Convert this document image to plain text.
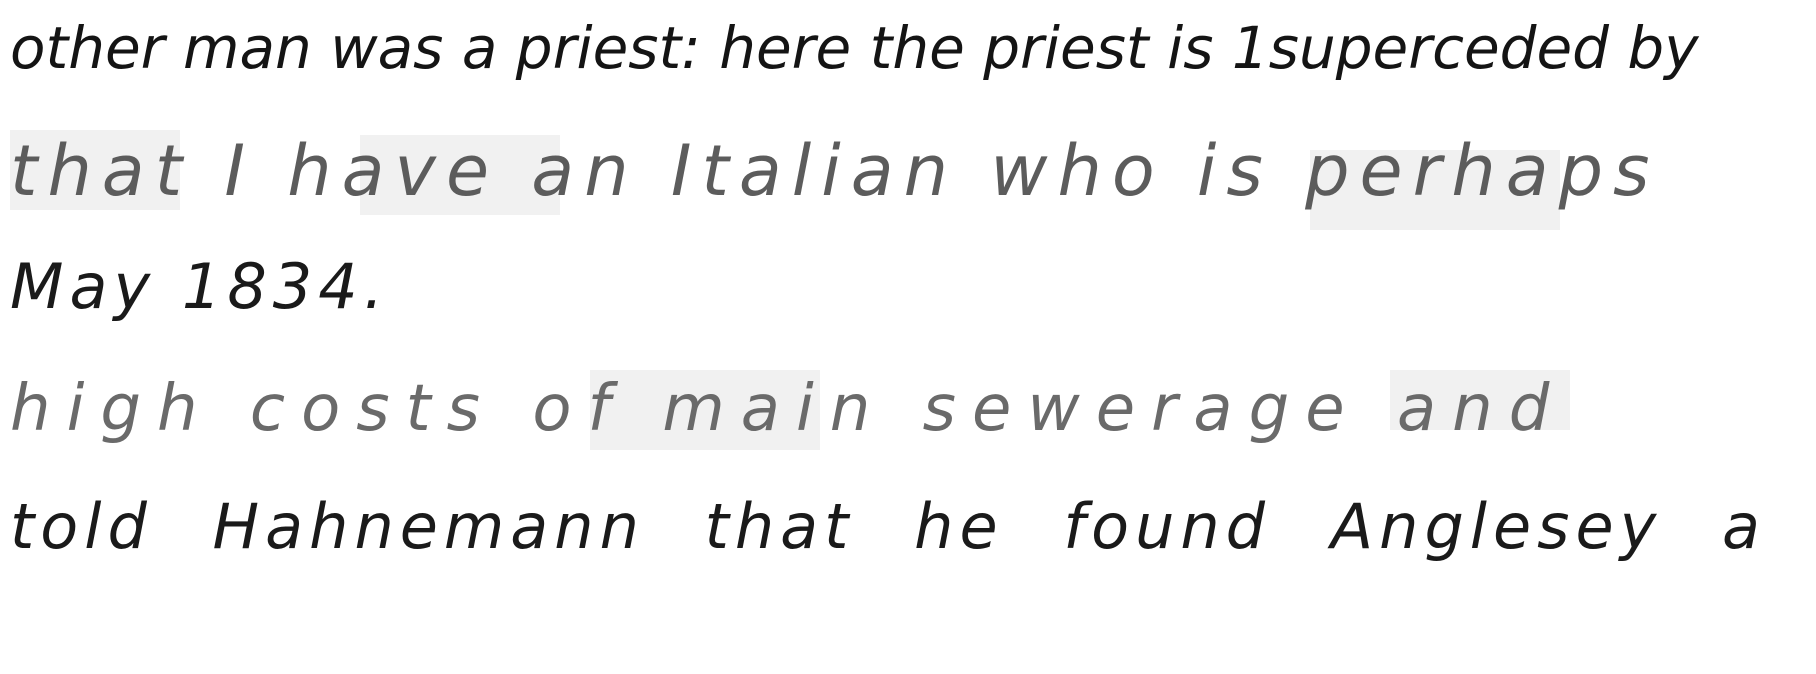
other man was a priest: here the priest is 1superceded by
that I have an Italian who is perhaps
May 1834.
high costs of main sewerage and
told Hahnemann that he found Anglesey a
